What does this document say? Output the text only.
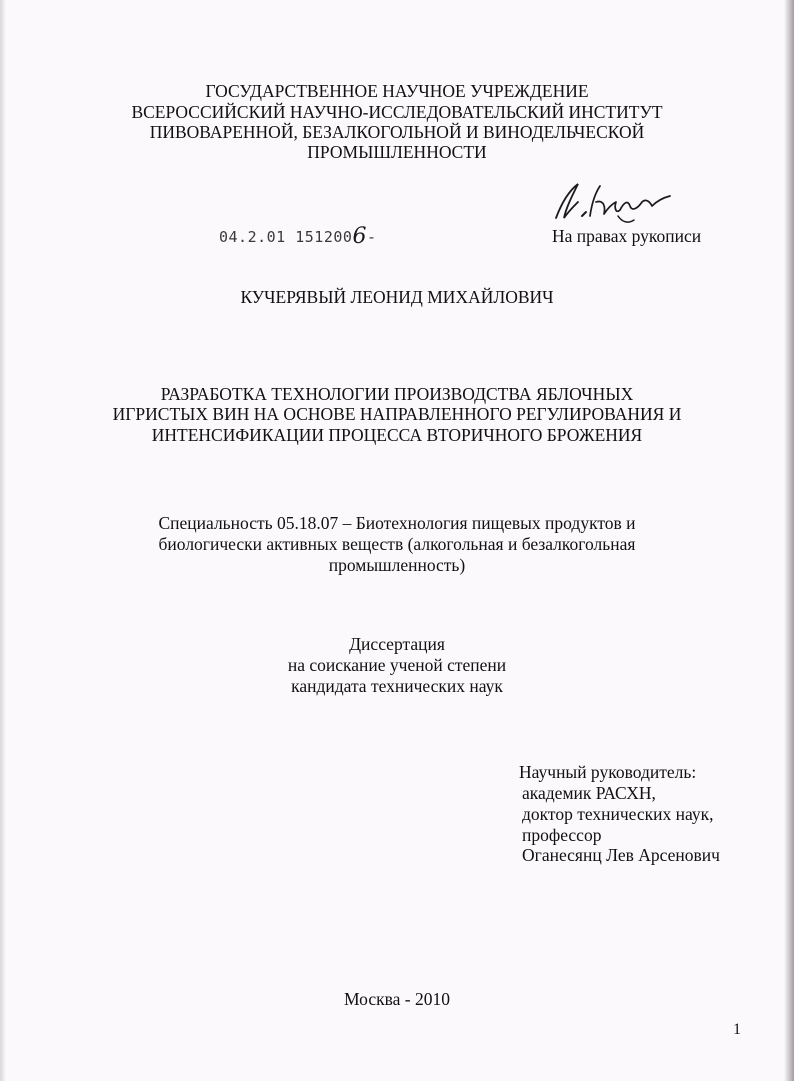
ГОСУДАРСТВЕННОЕ НАУЧНОЕ УЧРЕЖДЕНИЕ
ВСЕРОССИЙСКИЙ НАУЧНО-ИССЛЕДОВАТЕЛЬСКИЙ ИНСТИТУТ
ПИВОВАРЕННОЙ, БЕЗАЛКОГОЛЬНОЙ И ВИНОДЕЛЬЧЕСКОЙ
ПРОМЫШЛЕННОСТИ
04.2.01 1512006-	На правах рукописи
КУЧЕРЯВЫЙ ЛЕОНИД МИХАЙЛОВИЧ
РАЗРАБОТКА ТЕХНОЛОГИИ ПРОИЗВОДСТВА ЯБЛОЧНЫХ
ИГРИСТЫХ ВИН НА ОСНОВЕ НАПРАВЛЕННОГО РЕГУЛИРОВАНИЯ И
ИНТЕНСИФИКАЦИИ ПРОЦЕССА ВТОРИЧНОГО БРОЖЕНИЯ
Специальность 05.18.07 – Биотехнология пищевых продуктов и
биологически активных веществ (алкогольная и безалкогольная
промышленность)
Диссертация
на соискание ученой степени
кандидата технических наук
Научный руководитель:
академик РАСХН,
доктор технических наук,
профессор
Оганесянц Лев Арсенович
Москва - 2010
1
